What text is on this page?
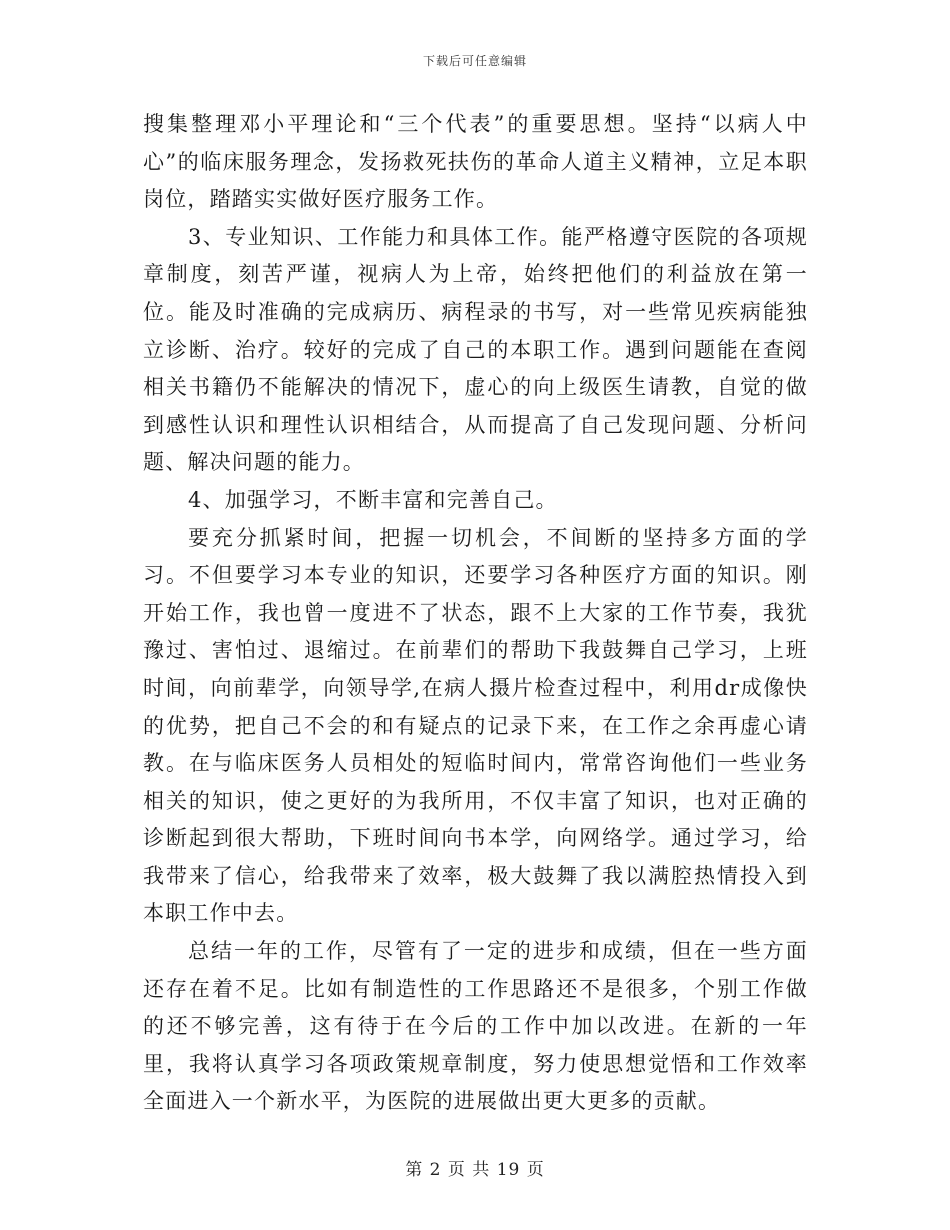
下载后可任意编辑

搜集整理邓小平理论和“三个代表”的重要思想。坚持“以病人中心”的临床服务理念，发扬救死扶伤的革命人道主义精神，立足本职岗位，踏踏实实做好医疗服务工作。

3、专业知识、工作能力和具体工作。能严格遵守医院的各项规章制度，刻苦严谨，视病人为上帝，始终把他们的利益放在第一位。能及时准确的完成病历、病程录的书写，对一些常见疾病能独立诊断、治疗。较好的完成了自己的本职工作。遇到问题能在查阅相关书籍仍不能解决的情况下，虚心的向上级医生请教，自觉的做到感性认识和理性认识相结合，从而提高了自己发现问题、分析问题、解决问题的能力。

4、加强学习，不断丰富和完善自己。

要充分抓紧时间，把握一切机会，不间断的坚持多方面的学习。不但要学习本专业的知识，还要学习各种医疗方面的知识。刚开始工作，我也曾一度进不了状态，跟不上大家的工作节奏，我犹豫过、害怕过、退缩过。在前辈们的帮助下我鼓舞自己学习，上班时间，向前辈学，向领导学,在病人摄片检查过程中，利用dr成像快的优势，把自己不会的和有疑点的记录下来，在工作之余再虚心请教。在与临床医务人员相处的短临时间内，常常咨询他们一些业务相关的知识，使之更好的为我所用，不仅丰富了知识，也对正确的诊断起到很大帮助，下班时间向书本学，向网络学。通过学习，给我带来了信心，给我带来了效率，极大鼓舞了我以满腔热情投入到本职工作中去。

总结一年的工作，尽管有了一定的进步和成绩，但在一些方面还存在着不足。比如有制造性的工作思路还不是很多，个别工作做的还不够完善，这有待于在今后的工作中加以改进。在新的一年里，我将认真学习各项政策规章制度，努力使思想觉悟和工作效率全面进入一个新水平，为医院的进展做出更大更多的贡献。

第 2 页 共 19 页
